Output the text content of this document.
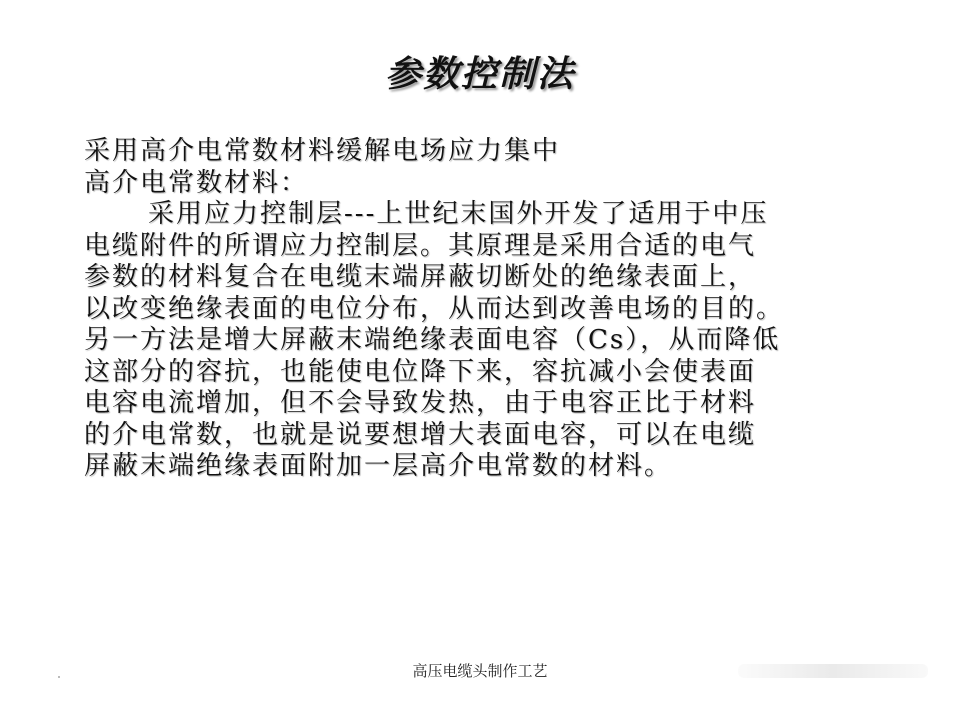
参数控制法
采用高介电常数材料缓解电场应力集中
高介电常数材料：
采用应力控制层---上世纪末国外开发了适用于中压
电缆附件的所谓应力控制层。其原理是采用合适的电气
参数的材料复合在电缆末端屏蔽切断处的绝缘表面上，
以改变绝缘表面的电位分布，从而达到改善电场的目的。
另一方法是增大屏蔽末端绝缘表面电容（Cs），从而降低
这部分的容抗，也能使电位降下来，容抗减小会使表面
电容电流增加，但不会导致发热，由于电容正比于材料
的介电常数，也就是说要想增大表面电容，可以在电缆
屏蔽末端绝缘表面附加一层高介电常数的材料。
高压电缆头制作工艺
